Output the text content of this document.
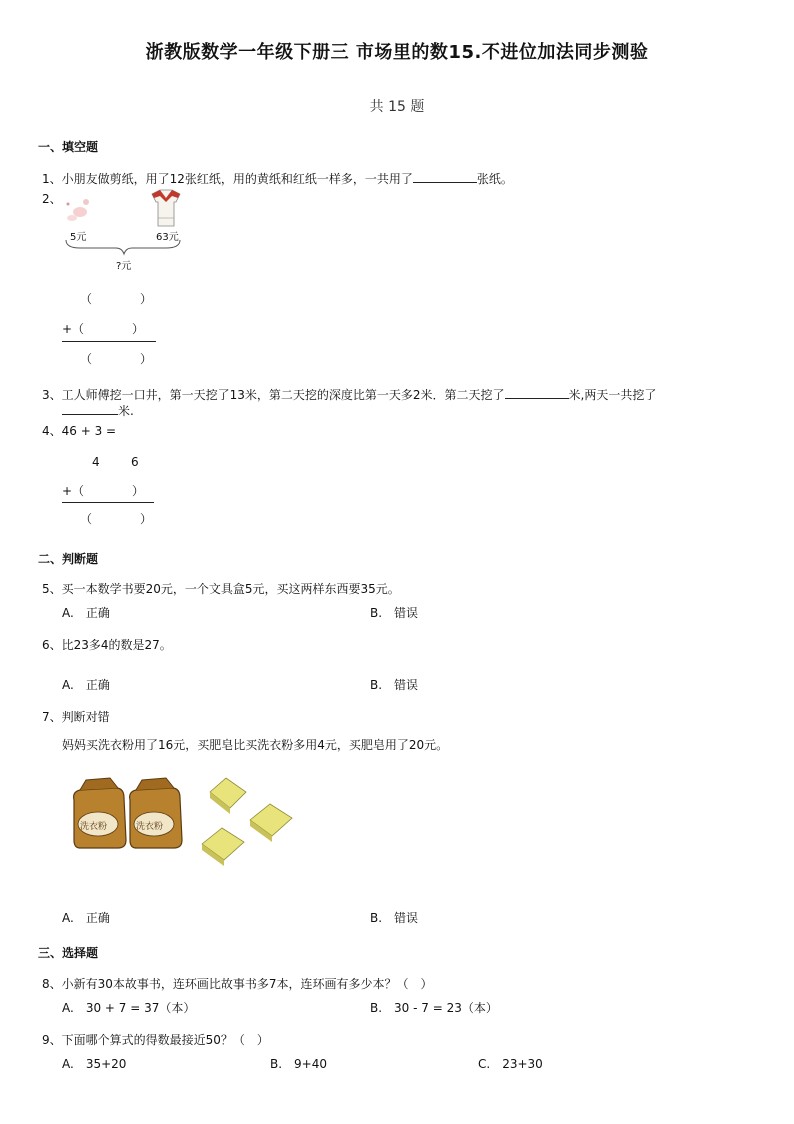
浙教版数学一年级下册三 市场里的数15.不进位加法同步测验
共 15 题
一、填空题
1、小朋友做剪纸，用了12张红纸，用的黄纸和红纸一样多，一共用了	张纸。
2、
5元	63元
?元
（　　　　）
+（　　　　）
（　　　　）
3、工人师傅挖一口井，第一天挖了13米，第二天挖的深度比第一天多2米．第二天挖了	米,两天一共挖了
米.
4、46 + 3 =
4	6
+（　　　　）
（　　　　）
二、判断题
5、买一本数学书要20元，一个文具盒5元，买这两样东西要35元。
A.　正确	B.　错误
6、比23多4的数是27。
A.　正确	B.　错误
7、判断对错
妈妈买洗衣粉用了16元，买肥皂比买洗衣粉多用4元，买肥皂用了20元。
洗衣粉	洗衣粉
A.　正确	B.　错误
三、选择题
8、小新有30本故事书，连环画比故事书多7本，连环画有多少本？（　）
A.　30 + 7 = 37（本）	B.　30 - 7 = 23（本）
9、下面哪个算式的得数最接近50？（　）
A.　35+20	B.　9+40	C.　23+30
